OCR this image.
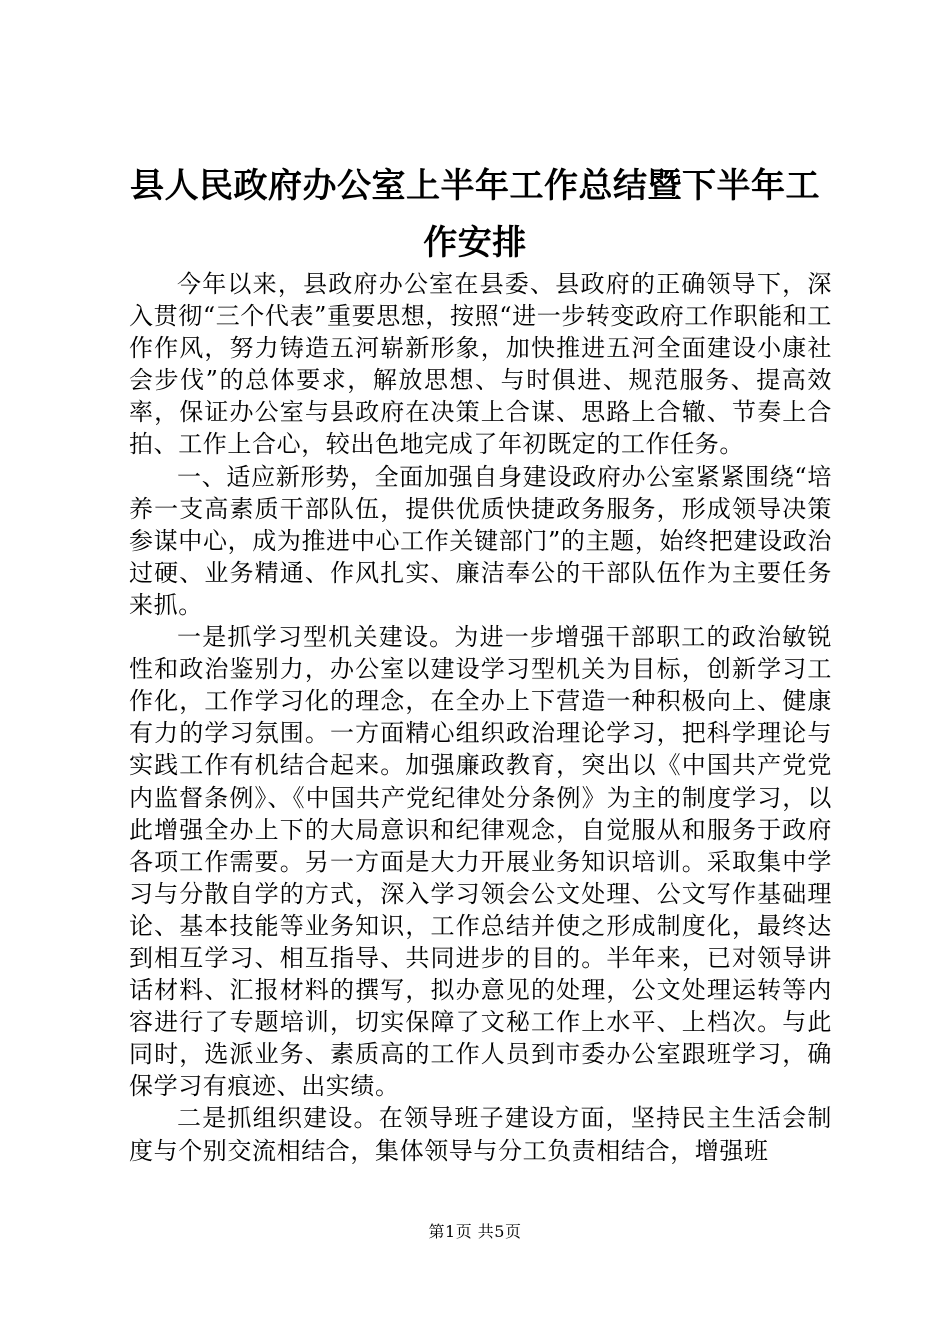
县人民政府办公室上半年工作总结暨下半年工
作安排

今年以来，县政府办公室在县委、县政府的正确领导下，深入贯彻“三个代表”重要思想，按照“进一步转变政府工作职能和工作作风，努力铸造五河崭新形象，加快推进五河全面建设小康社会步伐”的总体要求，解放思想、与时俱进、规范服务、提高效率，保证办公室与县政府在决策上合谋、思路上合辙、节奏上合拍、工作上合心，较出色地完成了年初既定的工作任务。

一、适应新形势，全面加强自身建设政府办公室紧紧围绕“培养一支高素质干部队伍，提供优质快捷政务服务，形成领导决策参谋中心，成为推进中心工作关键部门”的主题，始终把建设政治过硬、业务精通、作风扎实、廉洁奉公的干部队伍作为主要任务来抓。

一是抓学习型机关建设。为进一步增强干部职工的政治敏锐性和政治鉴别力，办公室以建设学习型机关为目标，创新学习工作化，工作学习化的理念，在全办上下营造一种积极向上、健康有力的学习氛围。一方面精心组织政治理论学习，把科学理论与实践工作有机结合起来。加强廉政教育，突出以《中国共产党党内监督条例》、《中国共产党纪律处分条例》为主的制度学习，以此增强全办上下的大局意识和纪律观念，自觉服从和服务于政府各项工作需要。另一方面是大力开展业务知识培训。采取集中学习与分散自学的方式，深入学习领会公文处理、公文写作基础理论、基本技能等业务知识，工作总结并使之形成制度化，最终达到相互学习、相互指导、共同进步的目的。半年来，已对领导讲话材料、汇报材料的撰写，拟办意见的处理，公文处理运转等内容进行了专题培训，切实保障了文秘工作上水平、上档次。与此同时，选派业务、素质高的工作人员到市委办公室跟班学习，确保学习有痕迹、出实绩。

二是抓组织建设。在领导班子建设方面，坚持民主生活会制度与个别交流相结合，集体领导与分工负责相结合，增强班

第1页 共5页
